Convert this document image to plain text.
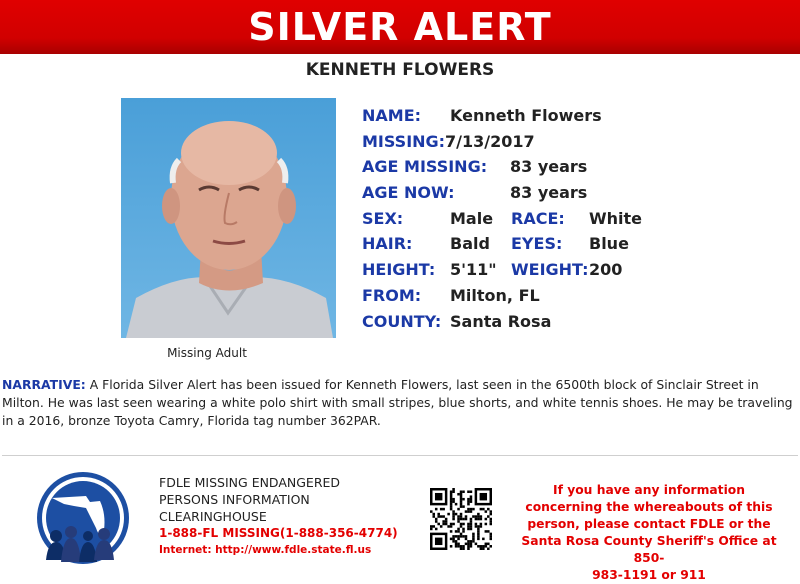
SILVER ALERT
KENNETH FLOWERS
Missing Adult
NAME: Kenneth Flowers
MISSING: 7/13/2017
AGE MISSING: 83 years
AGE NOW:	83 years
SEX:	Male RACE: White
HAIR: Bald EYES: Blue
HEIGHT: 5'11" WEIGHT: 200
FROM: Milton, FL
COUNTY: Santa Rosa
NARRATIVE: A Florida Silver Alert has been issued for Kenneth Flowers, last seen in the 6500th block of Sinclair Street in Milton. He was last seen wearing a white polo shirt with small stripes, blue shorts, and white tennis shoes. He may be traveling in a 2016, bronze Toyota Camry, Florida tag number 362PAR.
FDLE MISSING ENDANGERED
PERSONS INFORMATION
CLEARINGHOUSE
1-888-FL MISSING(1-888-356-4774)
Internet: http://www.fdle.state.fl.us
If you have any information
concerning the whereabouts of this
person, please contact FDLE or the
Santa Rosa County Sheriff's Office at 850-
983-1191 or 911
